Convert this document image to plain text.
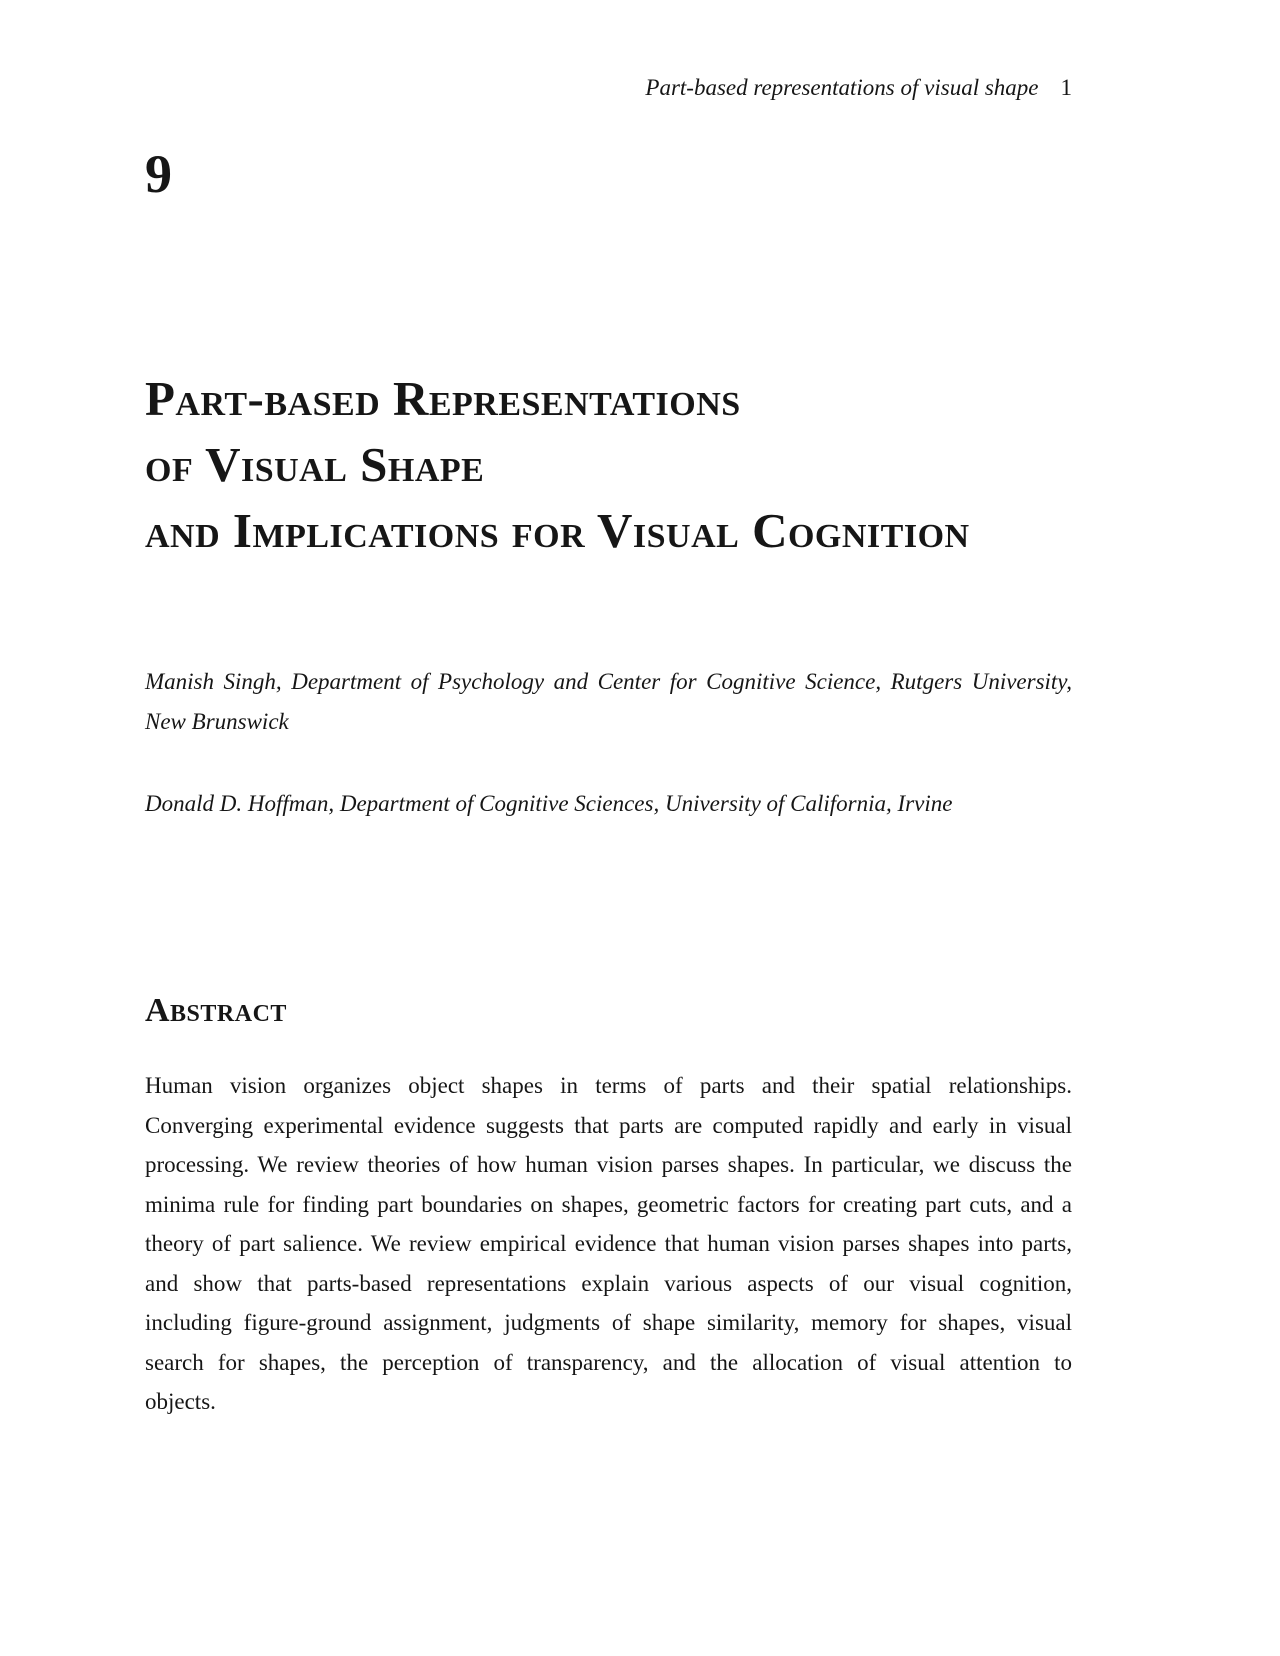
Part-based representations of visual shape 1
9
Part-based Representations
of Visual Shape
and Implications for Visual Cognition
Manish Singh, Department of Psychology and Center for Cognitive Science, Rutgers University,
New Brunswick
Donald D. Hoffman, Department of Cognitive Sciences, University of California, Irvine
Abstract
Human vision organizes object shapes in terms of parts and their spatial relationships.
Converging experimental evidence suggests that parts are computed rapidly and early in visual
processing. We review theories of how human vision parses shapes. In particular, we discuss the
minima rule for finding part boundaries on shapes, geometric factors for creating part cuts, and a
theory of part salience. We review empirical evidence that human vision parses shapes into parts,
and show that parts-based representations explain various aspects of our visual cognition,
including figure-ground assignment, judgments of shape similarity, memory for shapes, visual
search for shapes, the perception of transparency, and the allocation of visual attention to
objects.
